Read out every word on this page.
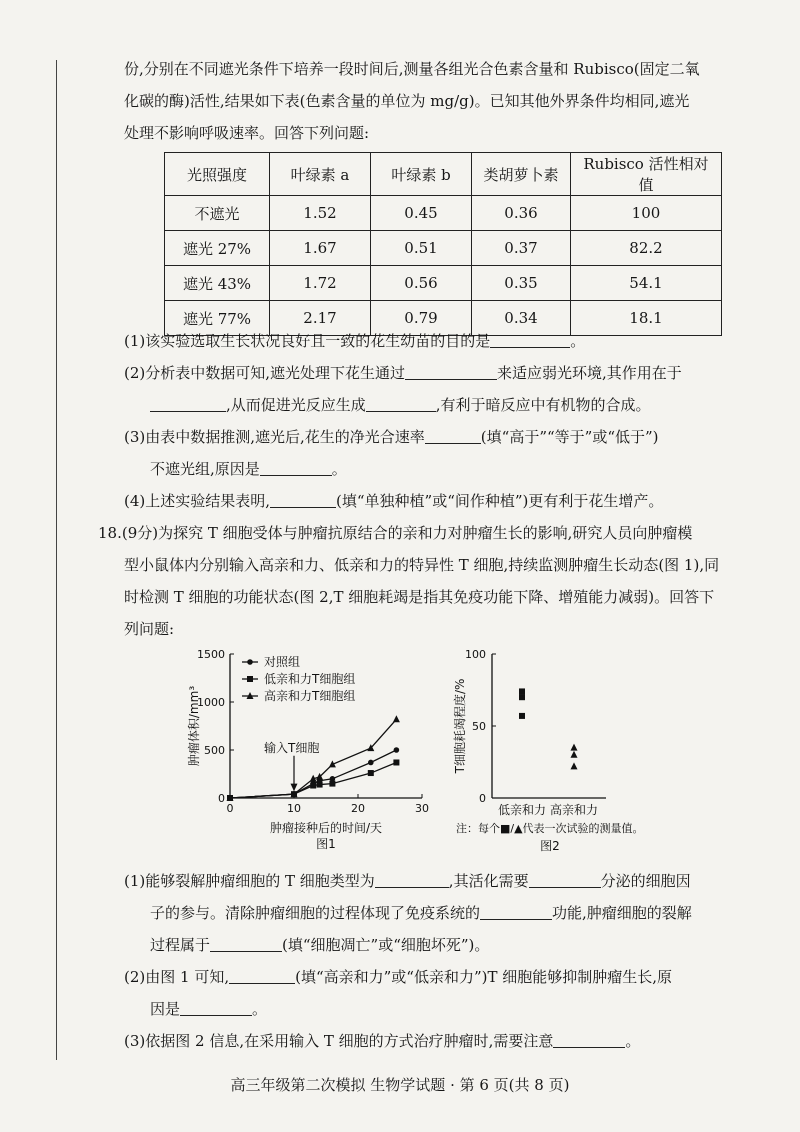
份,分别在不同遮光条件下培养一段时间后,测量各组光合色素含量和 Rubisco(固定二氧
化碳的酶)活性,结果如下表(色素含量的单位为 mg/g)。已知其他外界条件均相同,遮光
处理不影响呼吸速率。回答下列问题:
光照强度	叶绿素 a	叶绿素 b	类胡萝卜素	Rubisco 活性相对值
不遮光	1.52	0.45	0.36	100
遮光 27%	1.67	0.51	0.37	82.2
遮光 43%	1.72	0.56	0.35	54.1
遮光 77%	2.17	0.79	0.34	18.1
(1)该实验选取生长状况良好且一致的花生幼苗的目的是	。
(2)分析表中数据可知,遮光处理下花生通过	来适应弱光环境,其作用在于
,从而促进光反应生成	,有利于暗反应中有机物的合成。
(3)由表中数据推测,遮光后,花生的净光合速率	(填“高于”“等于”或“低于”)
不遮光组,原因是	。
(4)上述实验结果表明,	(填“单独种植”或“间作种植”)更有利于花生增产。
18.(9分)为探究 T 细胞受体与肿瘤抗原结合的亲和力对肿瘤生长的影响,研究人员向肿瘤模
型小鼠体内分别输入高亲和力、低亲和力的特异性 T 细胞,持续监测肿瘤生长动态(图 1),同
时检测 T 细胞的功能状态(图 2,T 细胞耗竭是指其免疫功能下降、增殖能力减弱)。回答下
列问题:
0
500
1000
1500
0	10	20	30
肿瘤接种后的时间/天
图1
肿瘤体积/mm³
对照组
低亲和力T细胞组
高亲和力T细胞组
输入T细胞
0
50
100
低亲和力 高亲和力
T细胞耗竭程度/%
注：每个■/▲代表一次试验的测量值。
图2
(1)能够裂解肿瘤细胞的 T 细胞类型为	,其活化需要	分泌的细胞因
子的参与。清除肿瘤细胞的过程体现了免疫系统的	功能,肿瘤细胞的裂解
过程属于	(填“细胞凋亡”或“细胞坏死”)。
(2)由图 1 可知,	(填“高亲和力”或“低亲和力”)T 细胞能够抑制肿瘤生长,原
因是	。
(3)依据图 2 信息,在采用输入 T 细胞的方式治疗肿瘤时,需要注意	。
高三年级第二次模拟 生物学试题 · 第 6 页(共 8 页)
